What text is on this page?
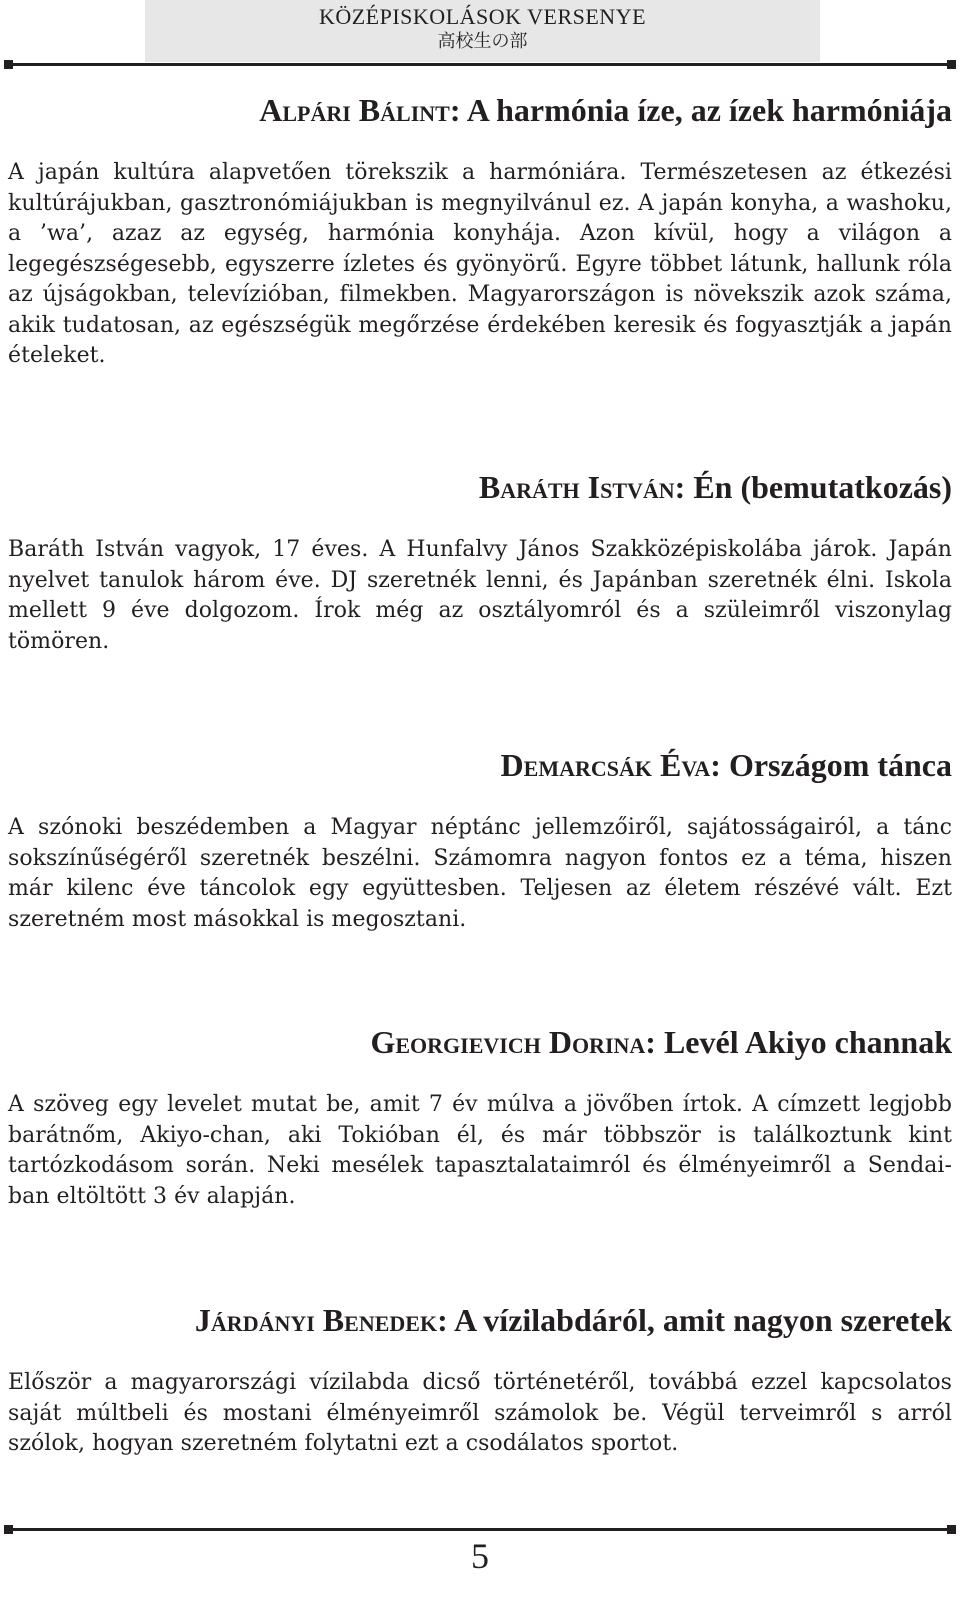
KÖZÉPISKOLÁSOK VERSENYE
高校生の部
Alpári Bálint: A harmónia íze, az ízek harmóniája

A japán kultúra alapvetően törekszik a harmóniára. Természetesen az étkezési kultúrájukban, gasztronómiájukban is megnyilvánul ez. A japán konyha, a washoku, a ’wa’, azaz az egység, harmónia konyhája. Azon kívül, hogy a világon a legegészségesebb, egyszerre ízletes és gyönyörű. Egyre többet látunk, hallunk róla az újságokban, televízióban, filmekben. Magyarországon is növekszik azok száma, akik tudatosan, az egészségük megőrzése érdekében keresik és fogyasztják a japán ételeket.

Baráth István: Én (bemutatkozás)

Baráth István vagyok, 17 éves. A Hunfalvy János Szakközépiskolába járok. Japán nyelvet tanulok három éve. DJ szeretnék lenni, és Japánban szeretnék élni. Iskola mellett 9 éve dolgozom. Írok még az osztályomról és a szüleimről viszonylag tömören.

Demarcsák Éva: Országom tánca

A szónoki beszédemben a Magyar néptánc jellemzőiről, sajátosságairól, a tánc sokszínűségéről szeretnék beszélni. Számomra nagyon fontos ez a téma, hiszen már kilenc éve táncolok egy együttesben. Teljesen az életem részévé vált. Ezt szeretném most másokkal is megosztani.

Georgievich Dorina: Levél Akiyo channak

A szöveg egy levelet mutat be, amit 7 év múlva a jövőben írtok. A címzett legjobb barátnőm, Akiyo-chan, aki Tokióban él, és már többször is találkoztunk kint tartózkodásom során. Neki mesélek tapasztalataimról és élményeimről a Sendai-ban eltöltött 3 év alapján.

Járdányi Benedek: A vízilabdáról, amit nagyon szeretek

Először a magyarországi vízilabda dicső történetéről, továbbá ezzel kapcsolatos saját múltbeli és mostani élményeimről számolok be. Végül terveimről s arról szólok, hogyan szeretném folytatni ezt a csodálatos sportot.

5
